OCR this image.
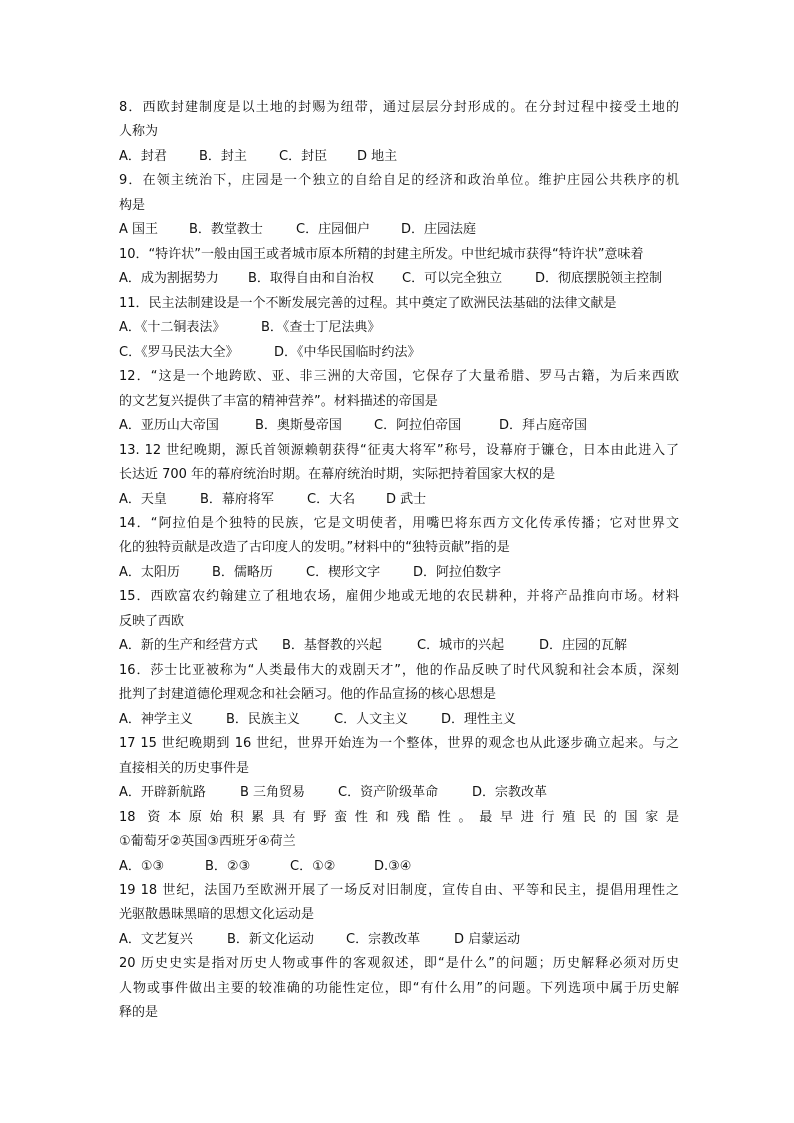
8．西欧封建制度是以土地的封赐为纽带，通过层层分封形成的。在分封过程中接受土地的
人称为
A．封君 B．封主 C．封臣 D 地主
9．在领主统治下，庄园是一个独立的自给自足的经济和政治单位。维护庄园公共秩序的机
构是
A 国王 B．教堂教士	C．庄园佃户 D．庄园法庭
10．“特许状”一般由国王或者城市原本所精的封建主所发。中世纪城市获得“特许状”意味着
A．成为割据势力 B．取得自由和自治权 C．可以完全独立	D．彻底摆脱领主控制
11．民主法制建设是一个不断发展完善的过程。其中奠定了欧洲民法基础的法律文献是
A．《十二铜表法》	B．《查士丁尼法典》
C．《罗马民法大全》	D．《中华民国临时约法》
12．“这是一个地跨欧、亚、非三洲的大帝国，它保存了大量希腊、罗马古籍，为后来西欧
的文艺复兴提供了丰富的精神营养”。材料描述的帝国是
A．亚历山大帝国	B．奥斯曼帝国 C．阿拉伯帝国	D．拜占庭帝国
13. 12 世纪晚期，源氏首领源赖朝获得“征夷大将军”称号，设幕府于镰仓，日本由此进入了
长达近 700 年的幕府统治时期。在幕府统治时期，实际把持着国家大权的是
A．天皇	B．幕府将军	C．大名 D 武士
14．“阿拉伯是个独特的民族，它是文明使者，用嘴巴将东西方文化传承传播；它对世界文
化的独特贡献是改造了古印度人的发明。”材料中的“独特贡献”指的是
A．太阳历 B．儒略历	C．楔形文字	D．阿拉伯数字
15．西欧富农约翰建立了租地农场，雇佣少地或无地的农民耕种，并将产品推向市场。材料
反映了西欧
A．新的生产和经营方式 B．基督教的兴起	C．城市的兴起	D．庄园的瓦解
16．莎士比亚被称为“人类最伟大的戏剧天才”，他的作品反映了时代风貌和社会本质，深刻
批判了封建道德伦理观念和社会陋习。他的作品宣扬的核心思想是
A．神学主义	B．民族主义	C．人文主义	D．理性主义
17 15 世纪晚期到 16 世纪，世界开始连为一个整体，世界的观念也从此逐步确立起来。与之
直接相关的历史事件是
A．开辟新航路	B 三角贸易	C．资产阶级革命	D．宗教改革
18 资本原始积累具有野蛮性和残酷性。最早进行殖民的国家是
①葡萄牙②英国③西班牙④荷兰
A．①③	B．②③	C．①②	D.③④
19 18 世纪，法国乃至欧洲开展了一场反对旧制度，宣传自由、平等和民主，提倡用理性之
光驱散愚昧黑暗的思想文化运动是
A．文艺复兴	B．新文化运动 C．宗教改革	D 启蒙运动
20 历史史实是指对历史人物或事件的客观叙述，即“是什么”的问题；历史解释必须对历史
人物或事件做出主要的较准确的功能性定位，即“有什么用”的问题。下列选项中属于历史解
释的是
